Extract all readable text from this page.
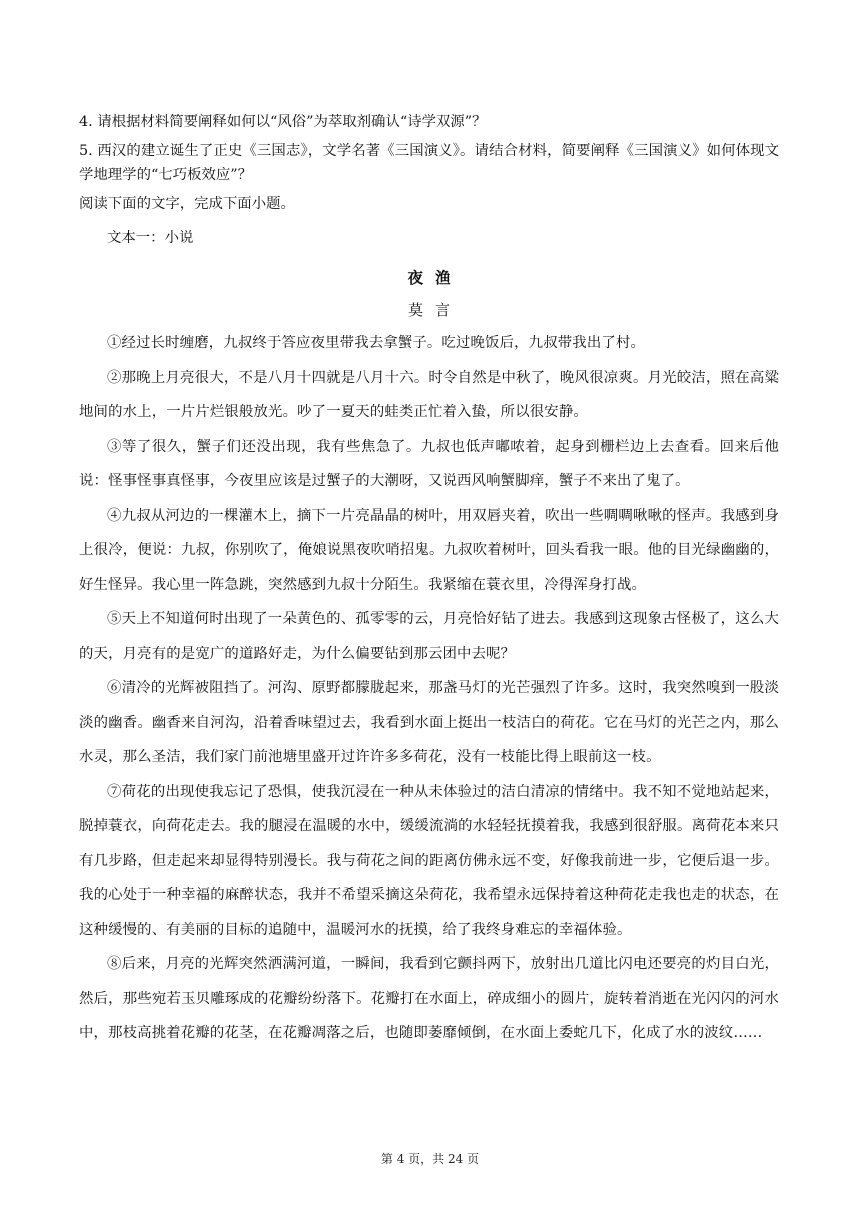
4. 请根据材料简要阐释如何以“风俗”为萃取剂确认“诗学双源”？

5. 西汉的建立诞生了正史《三国志》，文学名著《三国演义》。请结合材料，简要阐释《三国演义》如何体现文学地理学的“七巧板效应”？

阅读下面的文字，完成下面小题。

文本一：小说

夜渔

莫言

①经过长时缠磨，九叔终于答应夜里带我去拿蟹子。吃过晚饭后，九叔带我出了村。

②那晚上月亮很大，不是八月十四就是八月十六。时令自然是中秋了，晚风很凉爽。月光皎洁，照在高粱地间的水上，一片片烂银般放光。吵了一夏天的蛙类正忙着入蛰，所以很安静。

③等了很久，蟹子们还没出现，我有些焦急了。九叔也低声嘟哝着，起身到栅栏边上去查看。回来后他说：怪事怪事真怪事，今夜里应该是过蟹子的大潮呀，又说西风响蟹脚痒，蟹子不来出了鬼了。

④九叔从河边的一棵灌木上，摘下一片亮晶晶的树叶，用双唇夹着，吹出一些啁啁啾啾的怪声。我感到身上很冷，便说：九叔，你别吹了，俺娘说黑夜吹哨招鬼。九叔吹着树叶，回头看我一眼。他的目光绿幽幽的，好生怪异。我心里一阵急跳，突然感到九叔十分陌生。我紧缩在蓑衣里，冷得浑身打战。

⑤天上不知道何时出现了一朵黄色的、孤零零的云，月亮恰好钻了进去。我感到这现象古怪极了，这么大的天，月亮有的是宽广的道路好走，为什么偏要钻到那云团中去呢？

⑥清冷的光辉被阻挡了。河沟、原野都朦胧起来，那盏马灯的光芒强烈了许多。这时，我突然嗅到一股淡淡的幽香。幽香来自河沟，沿着香味望过去，我看到水面上挺出一枝洁白的荷花。它在马灯的光芒之内，那么水灵，那么圣洁，我们家门前池塘里盛开过许许多多荷花，没有一枝能比得上眼前这一枝。

⑦荷花的出现使我忘记了恐惧，使我沉浸在一种从未体验过的洁白清凉的情绪中。我不知不觉地站起来，脱掉蓑衣，向荷花走去。我的腿浸在温暖的水中，缓缓流淌的水轻轻抚摸着我，我感到很舒服。离荷花本来只有几步路，但走起来却显得特别漫长。我与荷花之间的距离仿佛永远不变，好像我前进一步，它便后退一步。我的心处于一种幸福的麻醉状态，我并不希望采摘这朵荷花，我希望永远保持着这种荷花走我也走的状态，在这种缓慢的、有美丽的目标的追随中，温暖河水的抚摸，给了我终身难忘的幸福体验。

⑧后来，月亮的光辉突然洒满河道，一瞬间，我看到它颤抖两下，放射出几道比闪电还要亮的灼目白光，然后，那些宛若玉贝雕琢成的花瓣纷纷落下。花瓣打在水面上，碎成细小的圆片，旋转着消逝在光闪闪的河水中，那枝高挑着花瓣的花茎，在花瓣凋落之后，也随即萎靡倾倒，在水面上委蛇几下，化成了水的波纹……

第 4 页，共 24 页
